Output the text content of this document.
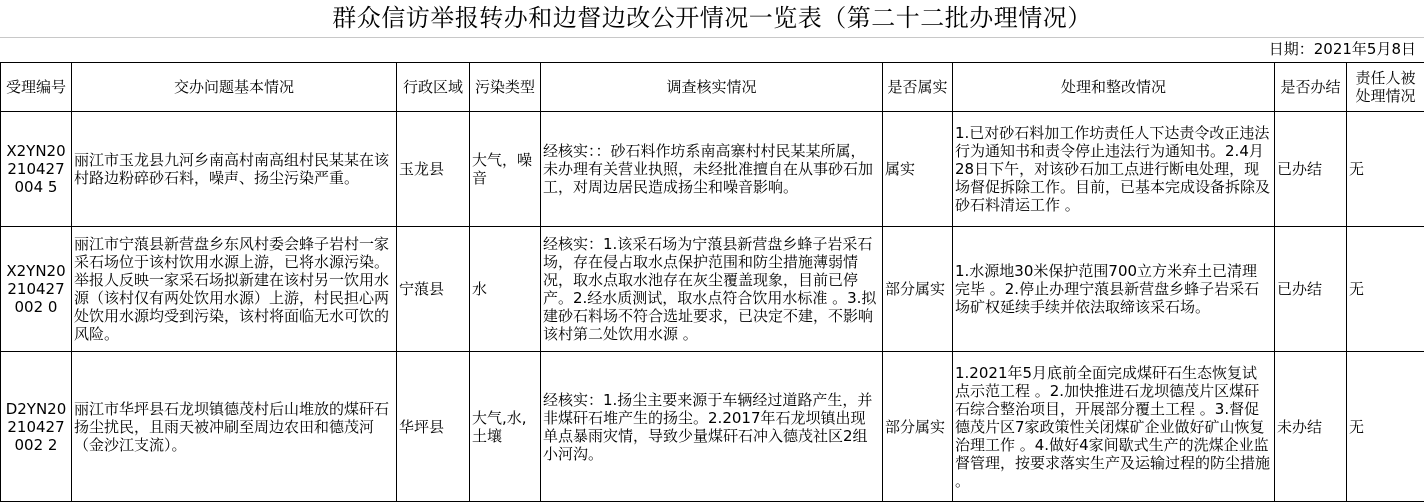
群众信访举报转办和边督边改公开情况一览表（第二十二批办理情况）
日期：2021年5月8日
受理编号	交办问题基本情况	行政区域	污染类型	调查核实情况	是否属实	处理和整改情况	是否办结	责任人被处理情况
X2YN20210427004 5	丽江市玉龙县九河乡南高村南高组村民某某在该村路边粉碎砂石料，噪声、扬尘污染严重。	玉龙县	大气，噪音	经核实：：砂石料作坊系南高寨村村民某某所属，未办理有关营业执照，未经批准擅自在从事砂石加工，对周边居民造成扬尘和噪音影响。	属实	1.已对砂石料加工作坊责任人下达责令改正违法行为通知书和责令停止违法行为通知书。2.4月28日下午，对该砂石加工点进行断电处理，现场督促拆除工作。目前，已基本完成设备拆除及砂石料清运工作 。	已办结	无
X2YN20210427002 0	丽江市宁蒗县新营盘乡东风村委会蜂子岩村一家采石场位于该村饮用水源上游，已将水源污染。举报人反映一家采石场拟新建在该村另一饮用水源（该村仅有两处饮用水源）上游，村民担心两处饮用水源均受到污染，该村将面临无水可饮的风险。	宁蒗县	水	经核实：1.该采石场为宁蒗县新营盘乡蜂子岩采石场，存在侵占取水点保护范围和防尘措施薄弱情况，取水点取水池存在灰尘覆盖现象，目前已停产。2.经水质测试，取水点符合饮用水标准 。3.拟建砂石料场不符合选址要求，已决定不建，不影响该村第二处饮用水源 。	部分属实	1.水源地30米保护范围700立方米弃土已清理完毕 。2.停止办理宁蒗县新营盘乡蜂子岩采石场矿权延续手续并依法取缔该采石场。	已办结	无
D2YN20210427002 2	丽江市华坪县石龙坝镇德茂村后山堆放的煤矸石扬尘扰民，且雨天被冲刷至周边农田和德茂河（金沙江支流）。	华坪县	大气,水,土壤	经核实：1.扬尘主要来源于车辆经过道路产生，并非煤矸石堆产生的扬尘。2.2017年石龙坝镇出现单点暴雨灾情，导致少量煤矸石冲入德茂社区2组小河沟。	部分属实	1.2021年5月底前全面完成煤矸石生态恢复试点示范工程 。2.加快推进石龙坝德茂片区煤矸石综合整治项目，开展部分覆土工程 。3.督促德茂片区7家政策性关闭煤矿企业做好矿山恢复治理工作 。4.做好4家间歇式生产的洗煤企业监督管理，按要求落实生产及运输过程的防尘措施 。	未办结	无
